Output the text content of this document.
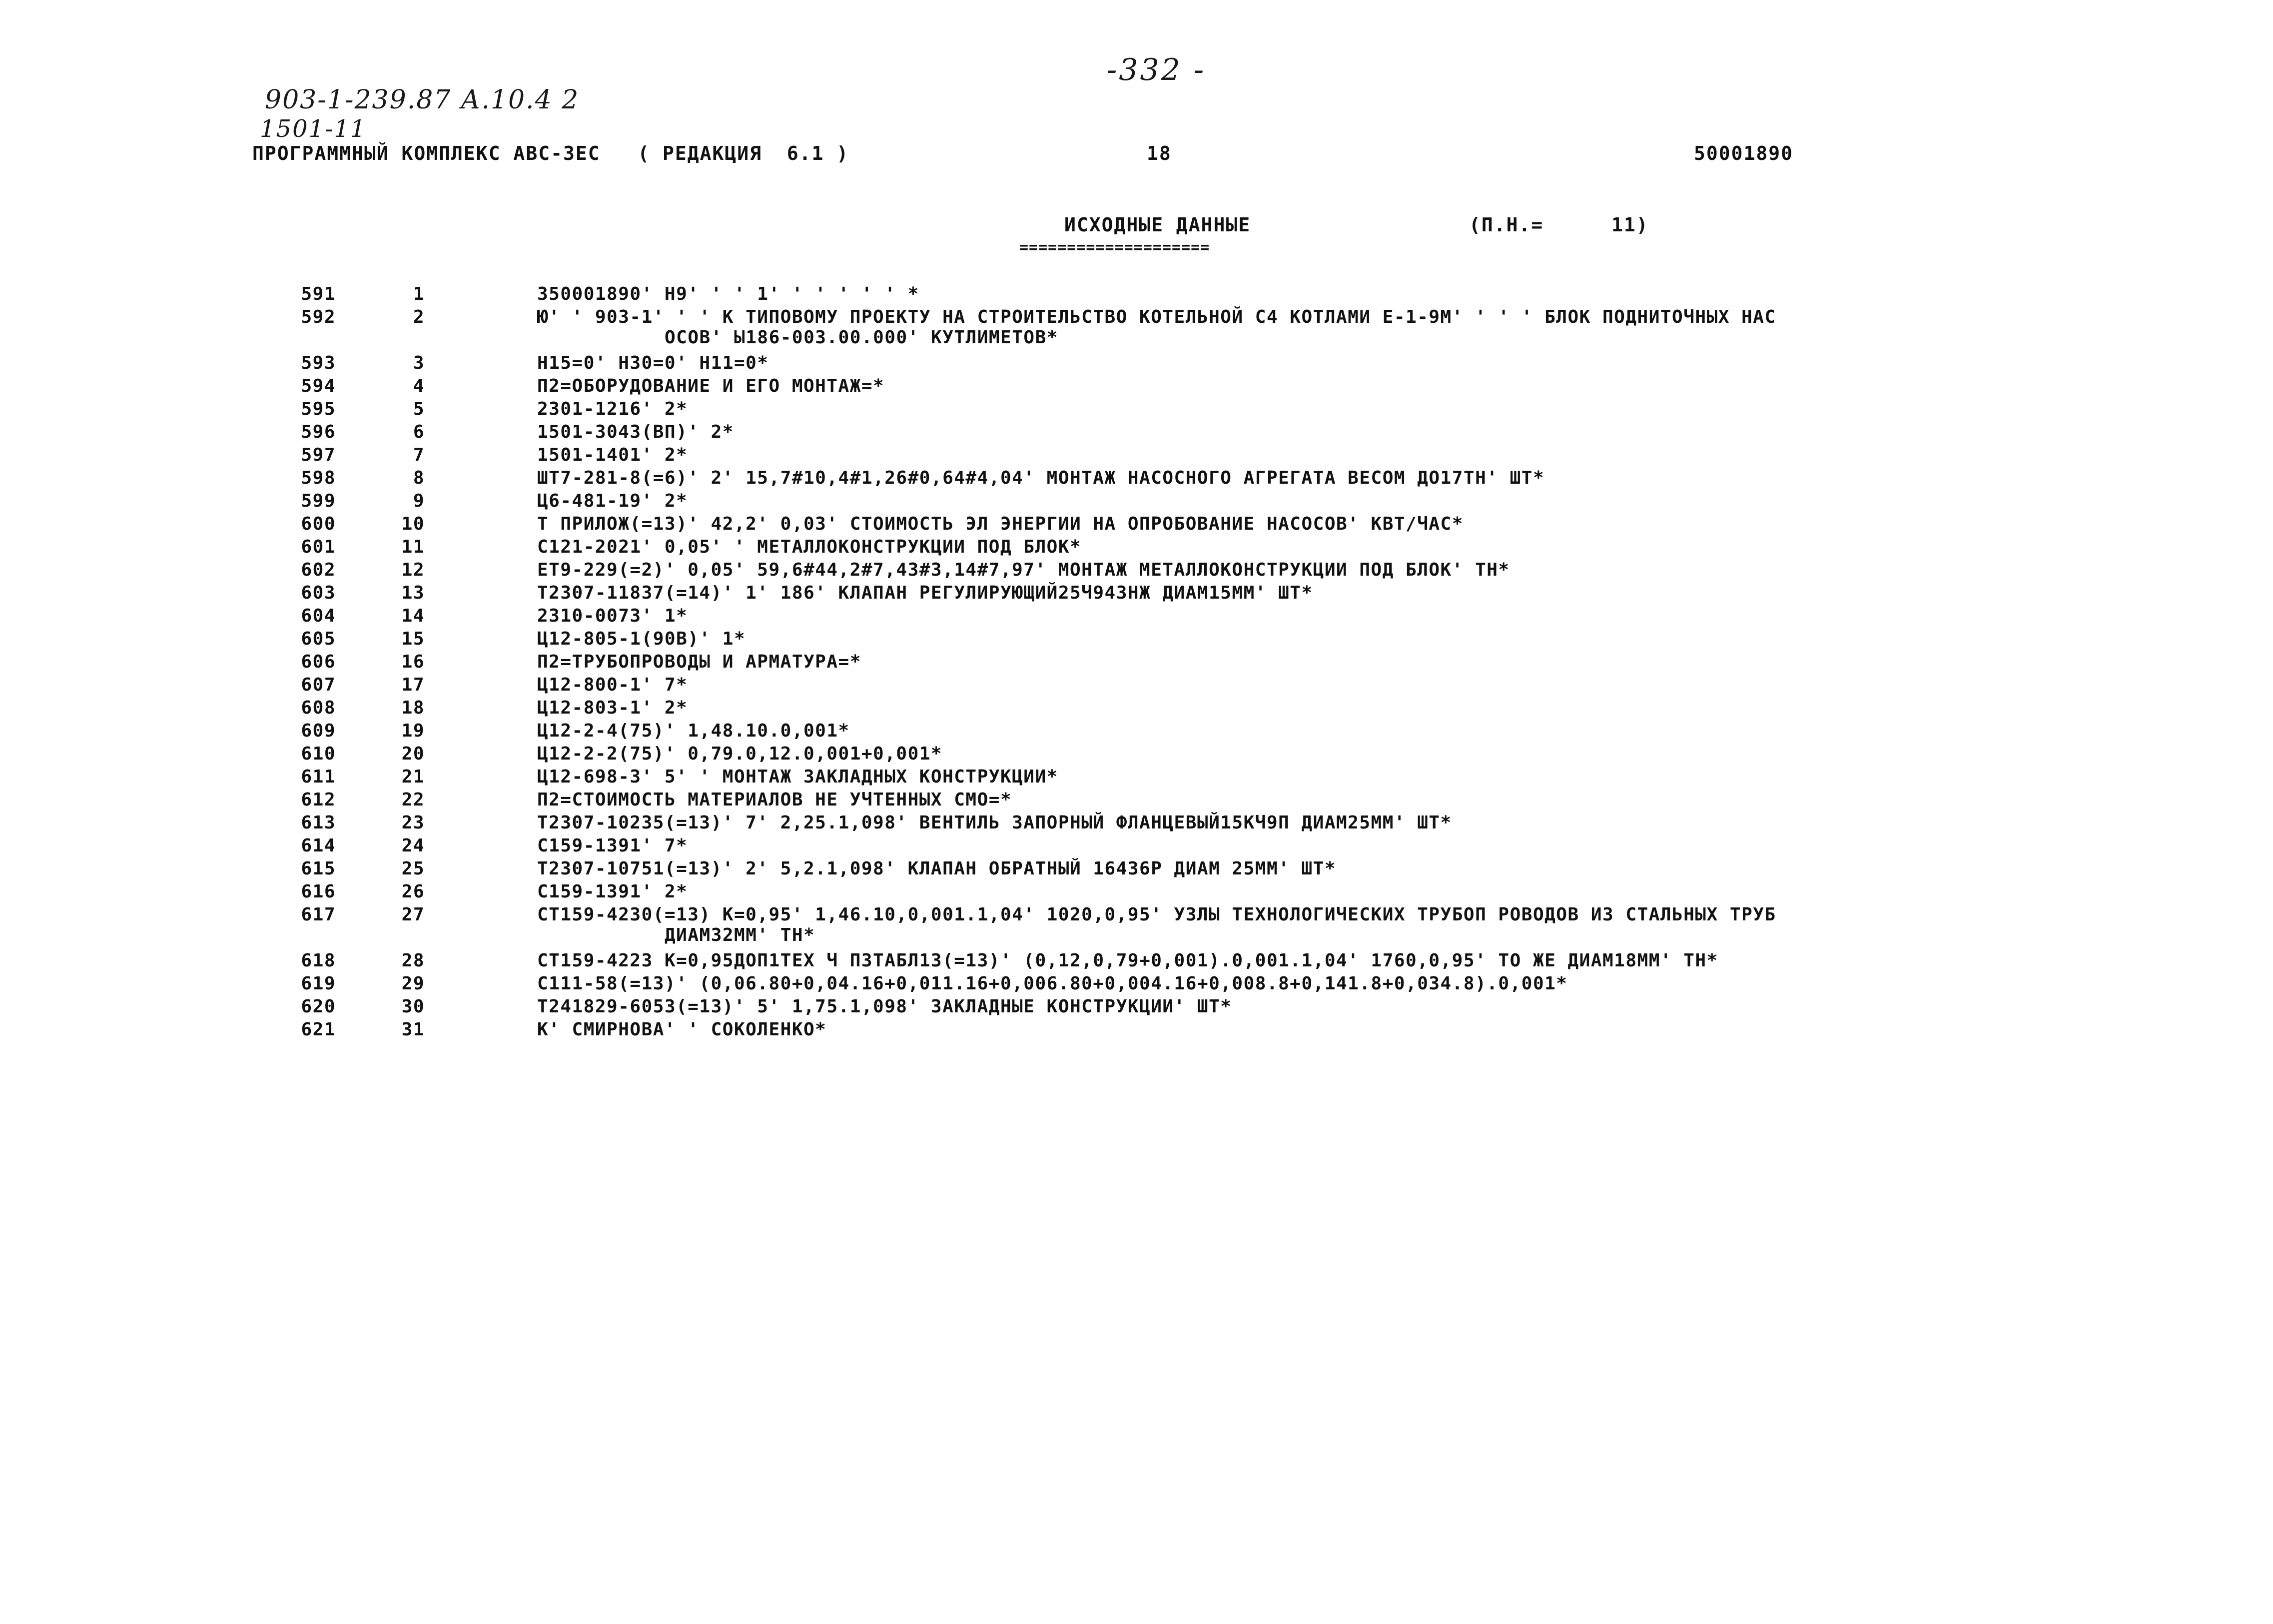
-332 -
903-1-239.87 А.10.4 2
1501-11
ПРОГРАММНЫЙ КОМПЛЕКС АВС-ЗЕС   ( РЕДАКЦИЯ  6.1 )	18	50001890
ИСХОДНЫЕ ДАННЫЕ
====================
(П.Н.=	11)
591	1	350001890' Н9' ' ' 1' ' ' ' ' ' *
592	2	Ю' ' 903-1' ' ' К ТИПОВОМУ ПРОЕКТУ НА СТРОИТЕЛЬСТВО КОТЕЛЬНОЙ С4 КОТЛАМИ Е-1-9М' ' ' ' БЛОК ПОДНИТОЧНЫХ НАС
ОСОВ' Ы186-003.00.000' КУТЛИМЕТОВ*
593	3	Н15=0' Н30=0' Н11=0*
594	4	П2=ОБОРУДОВАНИЕ И ЕГО МОНТАЖ=*
595	5	2301-1216' 2*
596	6	1501-3043(ВП)' 2*
597	7	1501-1401' 2*
598	8	ШТ7-281-8(=6)' 2' 15,7#10,4#1,26#0,64#4,04' МОНТАЖ НАСОСНОГО АГРЕГАТА ВЕСОМ ДО17ТН' ШТ*
599	9	Ц6-481-19' 2*
600	10	Т ПРИЛОЖ(=13)' 42,2' 0,03' СТОИМОСТЬ ЭЛ ЭНЕРГИИ НА ОПРОБОВАНИЕ НАСОСОВ' КВТ/ЧАС*
601	11	С121-2021' 0,05' ' МЕТАЛЛОКОНСТРУКЦИИ ПОД БЛОК*
602	12	ЕТ9-229(=2)' 0,05' 59,6#44,2#7,43#3,14#7,97' МОНТАЖ МЕТАЛЛОКОНСТРУКЦИИ ПОД БЛОК' ТН*
603	13	Т2307-11837(=14)' 1' 186' КЛАПАН РЕГУЛИРУЮЩИЙ25Ч943НЖ ДИАМ15ММ' ШТ*
604	14	2310-0073' 1*
605	15	Ц12-805-1(90В)' 1*
606	16	П2=ТРУБОПРОВОДЫ И АРМАТУРА=*
607	17	Ц12-800-1' 7*
608	18	Ц12-803-1' 2*
609	19	Ц12-2-4(75)' 1,48.10.0,001*
610	20	Ц12-2-2(75)' 0,79.0,12.0,001+0,001*
611	21	Ц12-698-3' 5' ' МОНТАЖ ЗАКЛАДНЫХ КОНСТРУКЦИИ*
612	22	П2=СТОИМОСТЬ МАТЕРИАЛОВ НЕ УЧТЕННЫХ СМО=*
613	23	Т2307-10235(=13)' 7' 2,25.1,098' ВЕНТИЛЬ ЗАПОРНЫЙ ФЛАНЦЕВЫЙ15КЧ9П ДИАМ25ММ' ШТ*
614	24	С159-1391' 7*
615	25	Т2307-10751(=13)' 2' 5,2.1,098' КЛАПАН ОБРАТНЫЙ 16436Р ДИАМ 25ММ' ШТ*
616	26	С159-1391' 2*
617	27	СТ159-4230(=13) К=0,95' 1,46.10,0,001.1,04' 1020,0,95' УЗЛЫ ТЕХНОЛОГИЧЕСКИХ ТРУБОП РОВОДОВ ИЗ СТАЛЬНЫХ ТРУБ
ДИАМ32ММ' ТН*
618	28	СТ159-4223 К=0,95ДОП1ТЕХ Ч П3ТАБЛ13(=13)' (0,12,0,79+0,001).0,001.1,04' 1760,0,95' ТО ЖЕ ДИАМ18ММ' ТН*
619	29	С111-58(=13)' (0,06.80+0,04.16+0,011.16+0,006.80+0,004.16+0,008.8+0,141.8+0,034.8).0,001*
620	30	Т241829-6053(=13)' 5' 1,75.1,098' ЗАКЛАДНЫЕ КОНСТРУКЦИИ' ШТ*
621	31	К' СМИРНОВА' ' СОКОЛЕНКО*
